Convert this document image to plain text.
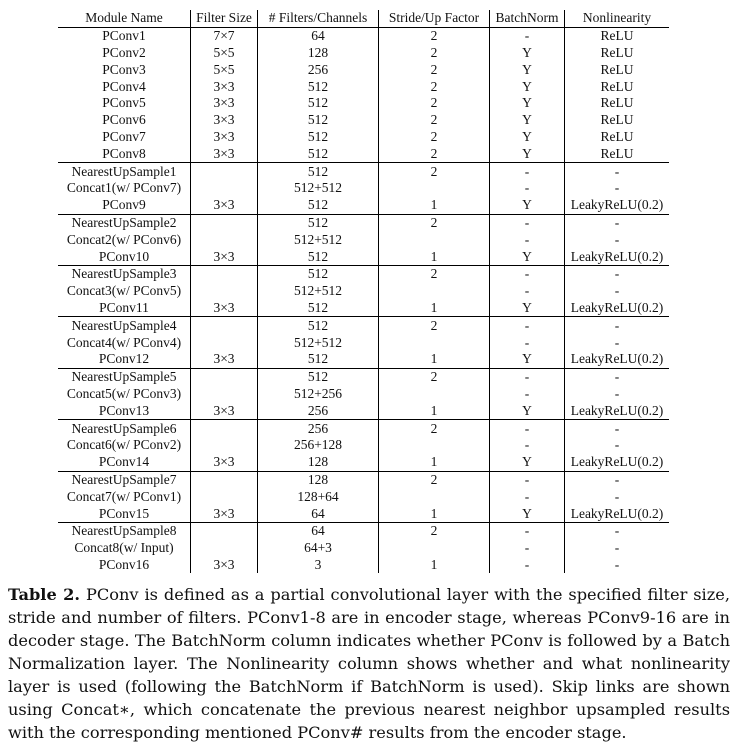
Module Name	Filter Size	# Filters/Channels	Stride/Up Factor	BatchNorm	Nonlinearity
PConv1	7×7	64	2	-	ReLU
PConv2	5×5	128	2	Y	ReLU
PConv3	5×5	256	2	Y	ReLU
PConv4	3×3	512	2	Y	ReLU
PConv5	3×3	512	2	Y	ReLU
PConv6	3×3	512	2	Y	ReLU
PConv7	3×3	512	2	Y	ReLU
PConv8	3×3	512	2	Y	ReLU
NearestUpSample1		512	2	-	-
Concat1(w/ PConv7)		512+512		-	-
PConv9	3×3	512	1	Y	LeakyReLU(0.2)
NearestUpSample2		512	2	-	-
Concat2(w/ PConv6)		512+512		-	-
PConv10	3×3	512	1	Y	LeakyReLU(0.2)
NearestUpSample3		512	2	-	-
Concat3(w/ PConv5)		512+512		-	-
PConv11	3×3	512	1	Y	LeakyReLU(0.2)
NearestUpSample4		512	2	-	-
Concat4(w/ PConv4)		512+512		-	-
PConv12	3×3	512	1	Y	LeakyReLU(0.2)
NearestUpSample5		512	2	-	-
Concat5(w/ PConv3)		512+256		-	-
PConv13	3×3	256	1	Y	LeakyReLU(0.2)
NearestUpSample6		256	2	-	-
Concat6(w/ PConv2)		256+128		-	-
PConv14	3×3	128	1	Y	LeakyReLU(0.2)
NearestUpSample7		128	2	-	-
Concat7(w/ PConv1)		128+64		-	-
PConv15	3×3	64	1	Y	LeakyReLU(0.2)
NearestUpSample8		64	2	-	-
Concat8(w/ Input)		64+3		-	-
PConv16	3×3	3	1	-	-

Table 2. PConv is defined as a partial convolutional layer with the specified filter size, stride and number of filters. PConv1-8 are in encoder stage, whereas PConv9-16 are in decoder stage. The BatchNorm column indicates whether PConv is followed by a Batch Normalization layer. The Nonlinearity column shows whether and what nonlinearity layer is used (following the BatchNorm if BatchNorm is used). Skip links are shown using Concat∗, which concatenate the previous nearest neighbor upsampled results with the corresponding mentioned PConv# results from the encoder stage.
